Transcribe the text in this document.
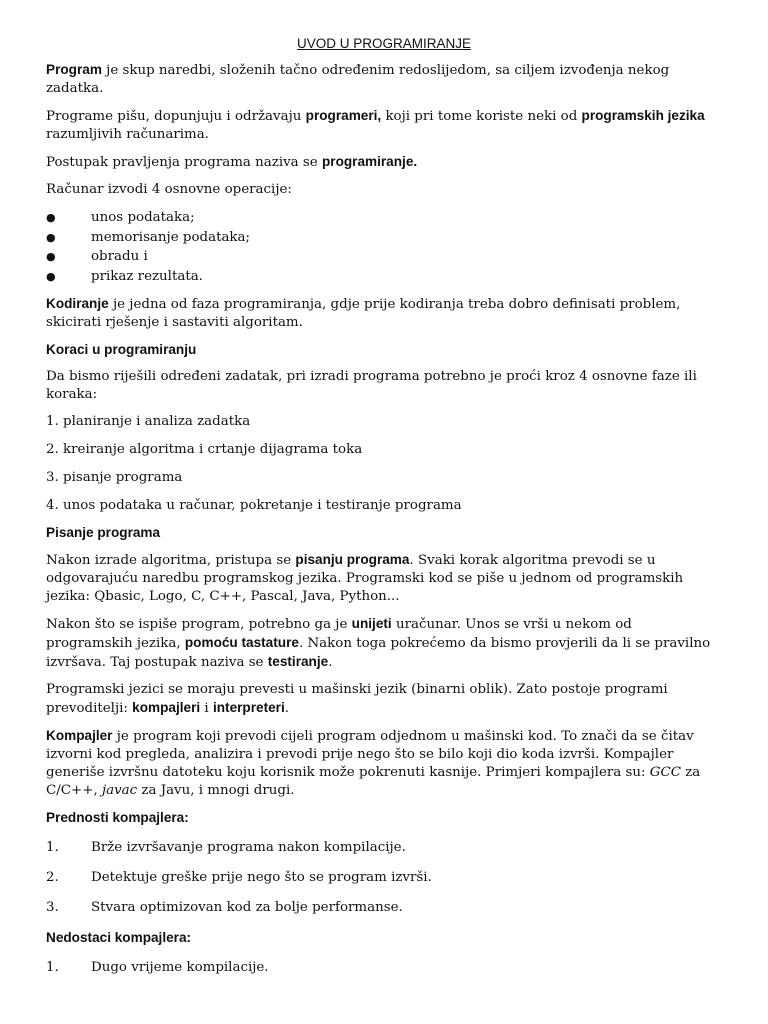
UVOD U PROGRAMIRANJE

Program je skup naredbi, složenih tačno određenim redoslijedom, sa ciljem izvođenja nekog zadatka.

Programe pišu, dopunjuju i održavaju programeri, koji pri tome koriste neki od programskih jezika razumljivih računarima.

Postupak pravljenja programa naziva se programiranje.

Računar izvodi 4 osnovne operacije:

●	unos podataka;
●	memorisanje podataka;
●	obradu i
●	prikaz rezultata.

Kodiranje je jedna od faza programiranja, gdje prije kodiranja treba dobro definisati problem, skicirati rješenje i sastaviti algoritam.

Koraci u programiranju

Da bismo riješili određeni zadatak, pri izradi programa potrebno je proći kroz 4 osnovne faze ili koraka:

1. planiranje i analiza zadatka

2. kreiranje algoritma i crtanje dijagrama toka

3. pisanje programa

4. unos podataka u računar, pokretanje i testiranje programa

Pisanje programa

Nakon izrade algoritma, pristupa se pisanju programa. Svaki korak algoritma prevodi se u odgovarajuću naredbu programskog jezika. Programski kod se piše u jednom od programskih jezika: Qbasic, Logo, C, C++, Pascal, Java, Python...

Nakon što se ispiše program, potrebno ga je unijeti uračunar. Unos se vrši u nekom od programskih jezika, pomoću tastature. Nakon toga pokrećemo da bismo provjerili da li se pravilno izvršava. Taj postupak naziva se testiranje.

Programski jezici se moraju prevesti u mašinski jezik (binarni oblik). Zato postoje programi prevoditelji: kompajleri i interpreteri.

Kompajler je program koji prevodi cijeli program odjednom u mašinski kod. To znači da se čitav izvorni kod pregleda, analizira i prevodi prije nego što se bilo koji dio koda izvrši. Kompajler generiše izvršnu datoteku koju korisnik može pokrenuti kasnije. Primjeri kompajlera su: GCC za C/C++, javac za Javu, i mnogi drugi.

Prednosti kompajlera:
1.	Brže izvršavanje programa nakon kompilacije.
2.	Detektuje greške prije nego što se program izvrši.
3.	Stvara optimizovan kod za bolje performanse.
Nedostaci kompajlera:
1.	Dugo vrijeme kompilacije.
